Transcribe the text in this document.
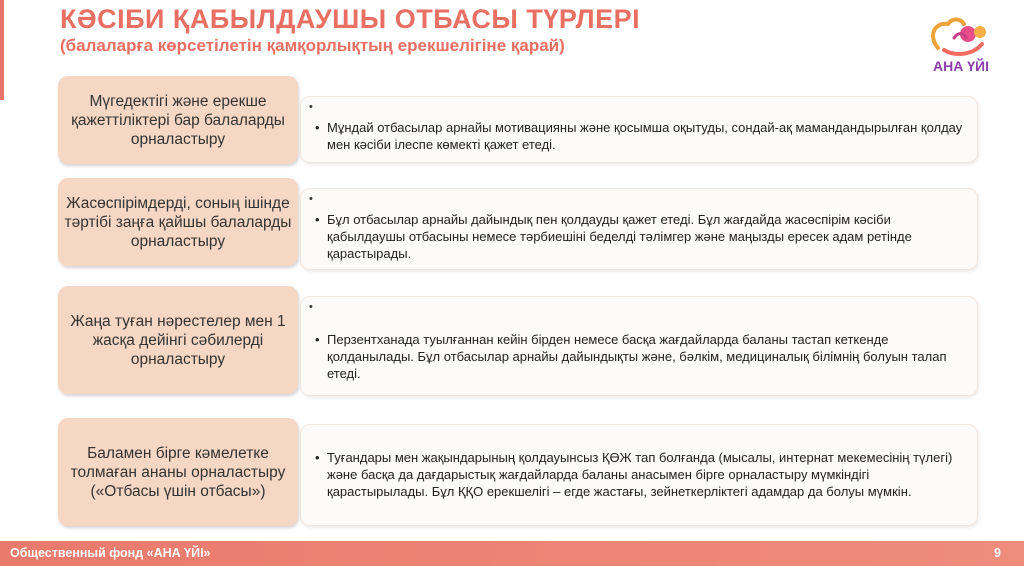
КӘСІБИ ҚАБЫЛДАУШЫ ОТБАСЫ ТҮРЛЕРІ
(балаларға көрсетілетін қамқорлықтың ерекшелігіне қарай)
АНА ҮЙІ
Мүгедектігі және ерекше қажеттіліктері бар балаларды орналастыру
•
• Мұндай отбасылар арнайы мотивацияны және қосымша оқытуды, сондай-ақ мамандандырылған қолдау мен кәсіби ілеспе көмекті қажет етеді.
Жасөспірімдерді, соның ішінде тәртібі заңға қайшы балаларды орналастыру
•
• Бұл отбасылар арнайы дайындық пен қолдауды қажет етеді. Бұл жағдайда жасөспірім кәсіби қабылдаушы отбасыны немесе тәрбиешіні беделді тәлімгер және маңызды ересек адам ретінде қарастырады.
Жаңа туған нәрестелер мен 1 жасқа дейінгі сәбилерді орналастыру
•
• Перзентханада туылғаннан кейін бірден немесе басқа жағдайларда баланы тастап кеткенде қолданылады. Бұл отбасылар арнайы дайындықты және, бәлкім, медициналық білімнің болуын талап етеді.
Баламен бірге кәмелетке толмаған ананы орналастыру («Отбасы үшін отбасы»)
• Туғандары мен жақындарының қолдауынсыз ҚӨЖ тап болғанда (мысалы, интернат мекемесінің түлегі) және басқа да дағдарыстық жағдайларда баланы анасымен бірге орналастыру мүмкіндігі қарастырылады. Бұл ҚҚО ерекшелігі – егде жастағы, зейнеткерліктегі адамдар да болуы мүмкін.
Общественный фонд «АНА ҮЙІ»	9
